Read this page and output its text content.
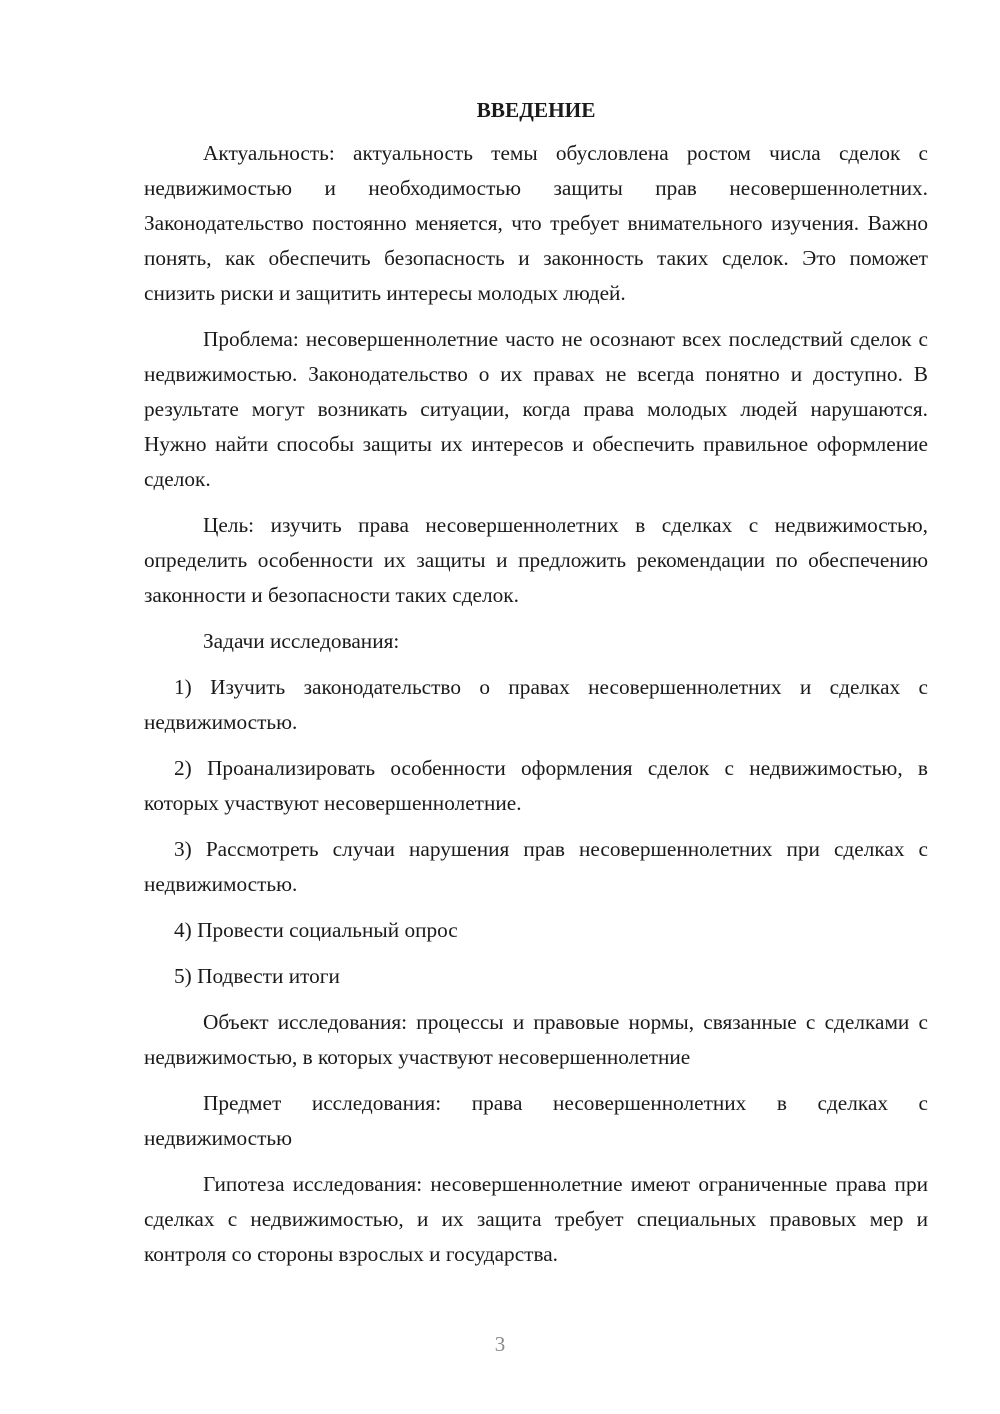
ВВЕДЕНИЕ

Актуальность: актуальность темы обусловлена ростом числа сделок с недвижимостью и необходимостью защиты прав несовершеннолетних. Законодательство постоянно меняется, что требует внимательного изучения. Важно понять, как обеспечить безопасность и законность таких сделок. Это поможет снизить риски и защитить интересы молодых людей.

Проблема: несовершеннолетние часто не осознают всех последствий сделок с недвижимостью. Законодательство о их правах не всегда понятно и доступно. В результате могут возникать ситуации, когда права молодых людей нарушаются. Нужно найти способы защиты их интересов и обеспечить правильное оформление сделок.

Цель: изучить права несовершеннолетних в сделках с недвижимостью, определить особенности их защиты и предложить рекомендации по обеспечению законности и безопасности таких сделок.

Задачи исследования:

1) Изучить законодательство о правах несовершеннолетних и сделках с недвижимостью.

2) Проанализировать особенности оформления сделок с недвижимостью, в которых участвуют несовершеннолетние.

3) Рассмотреть случаи нарушения прав несовершеннолетних при сделках с недвижимостью.

4) Провести социальный опрос

5) Подвести итоги

Объект исследования: процессы и правовые нормы, связанные с сделками с недвижимостью, в которых участвуют несовершеннолетние

Предмет исследования: права несовершеннолетних в сделках с недвижимостью

Гипотеза исследования: несовершеннолетние имеют ограниченные права при сделках с недвижимостью, и их защита требует специальных правовых мер и контроля со стороны взрослых и государства.

3
